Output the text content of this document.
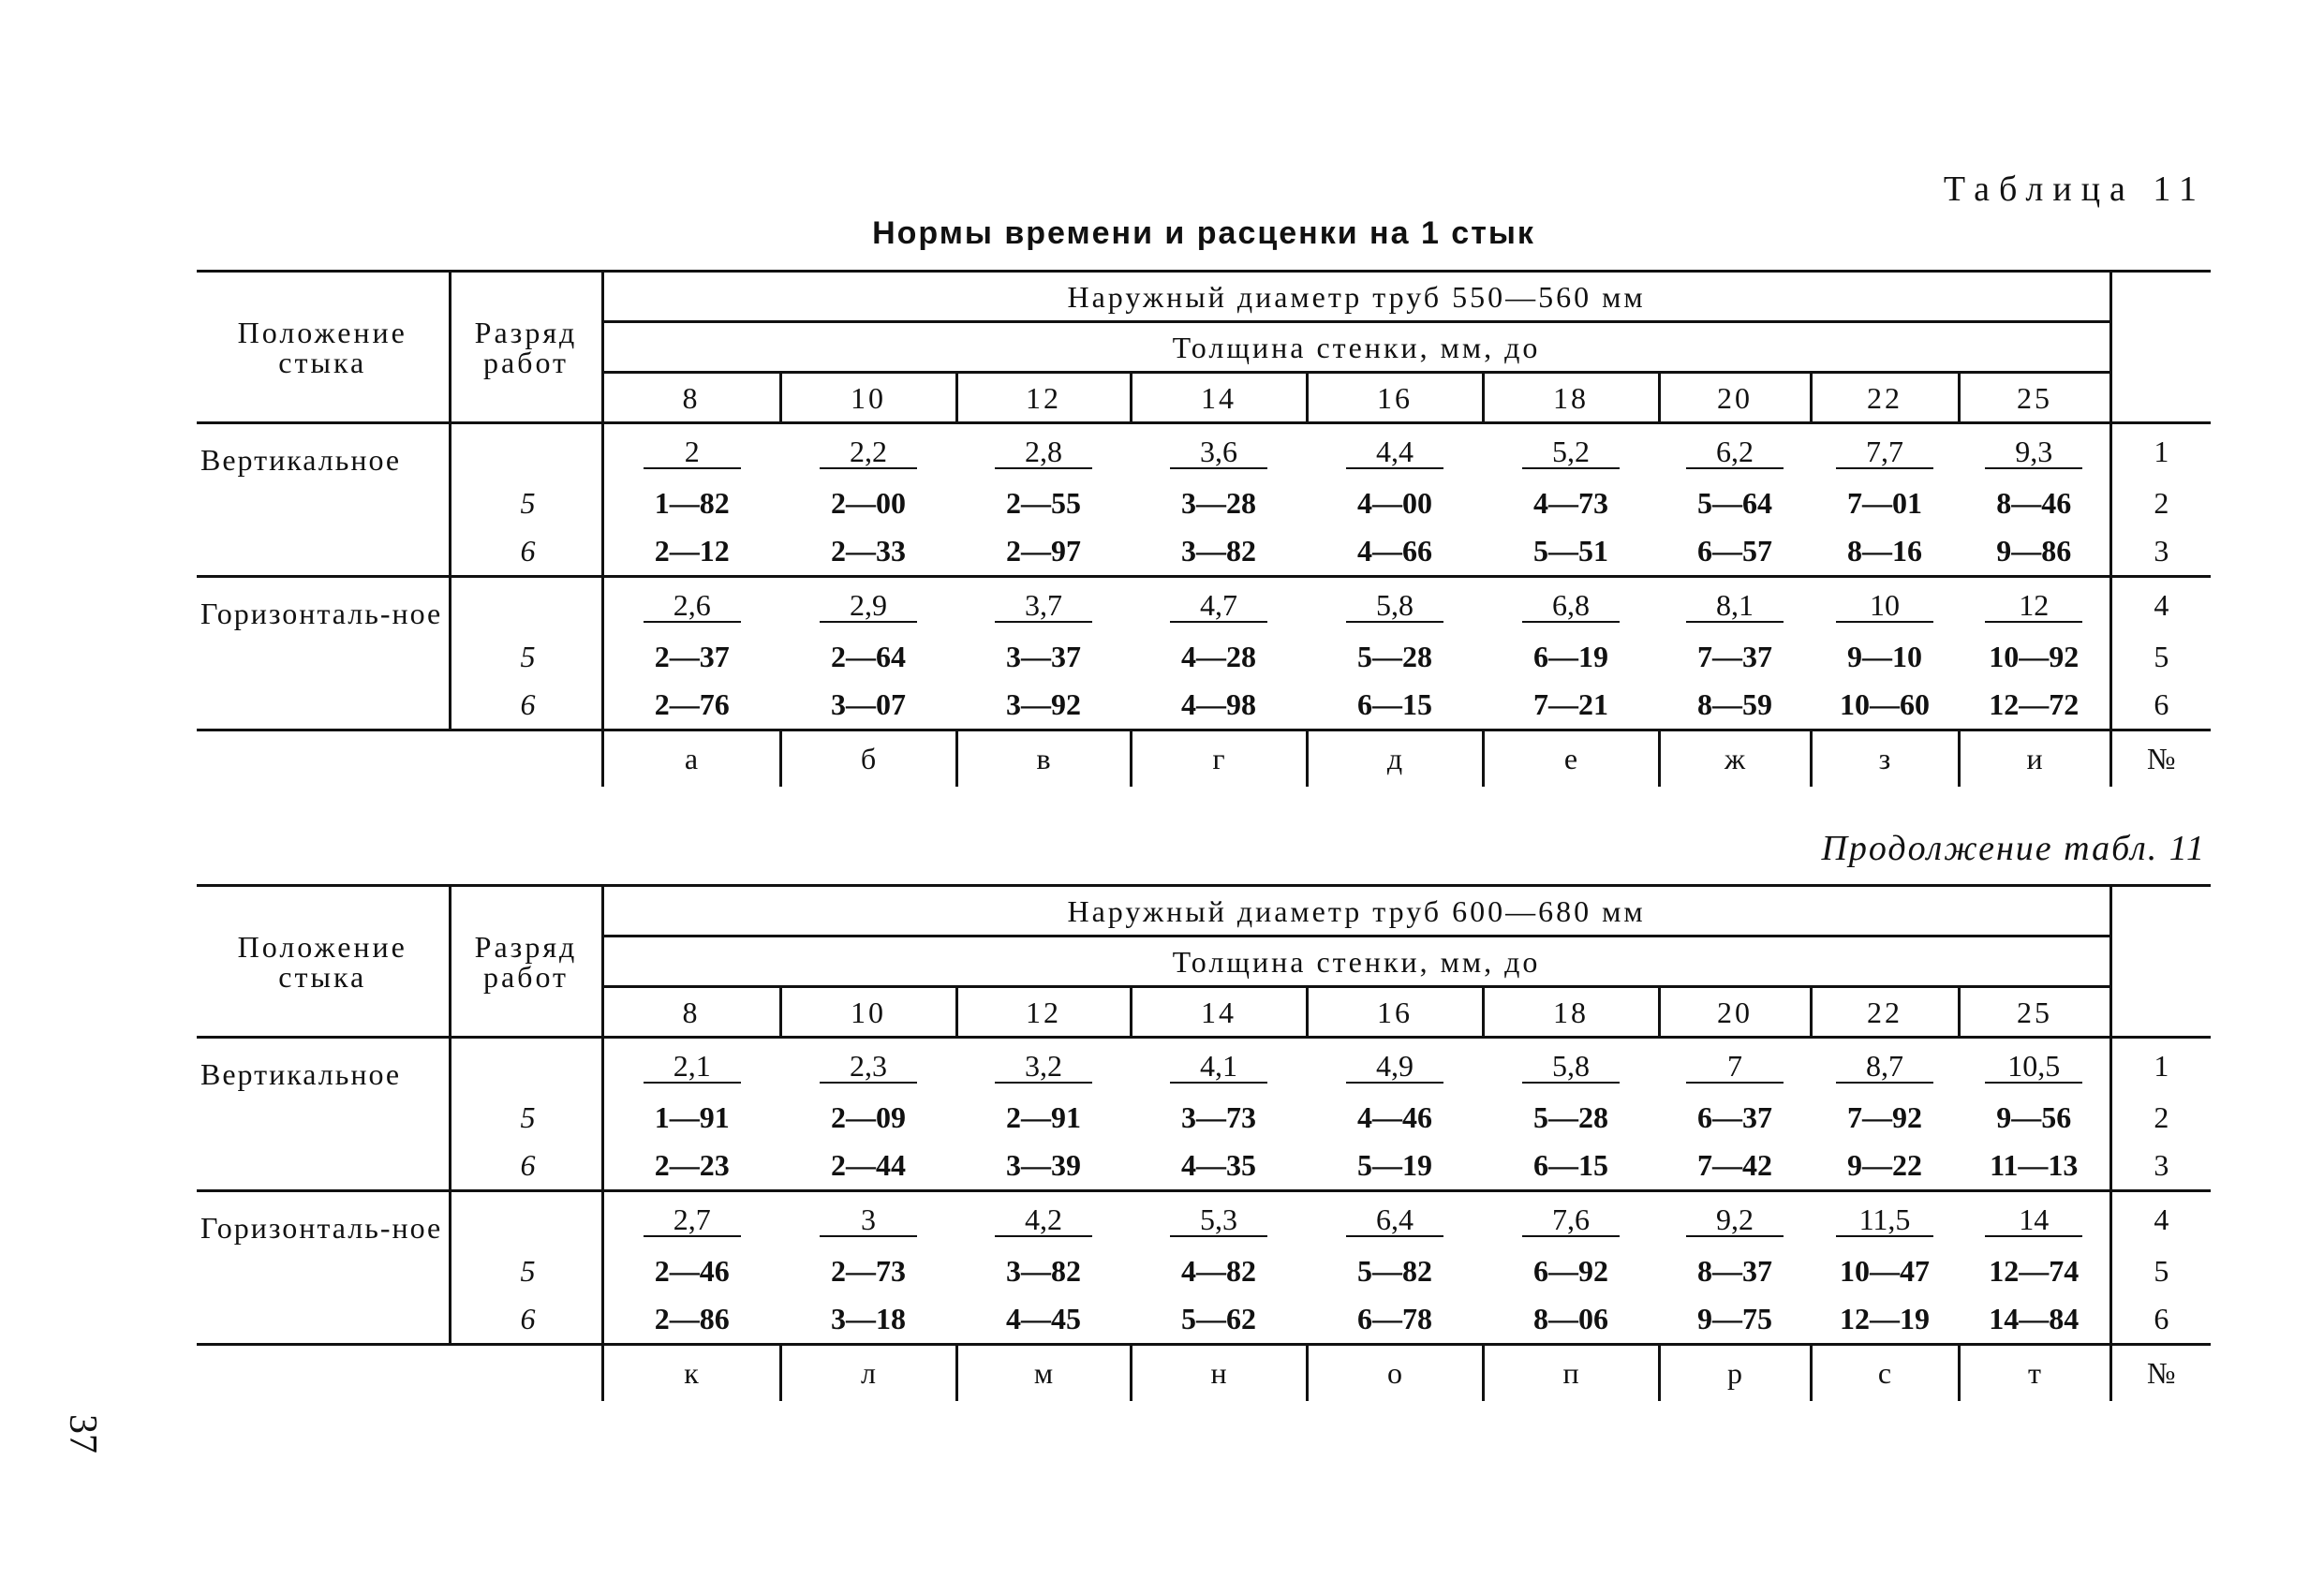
Таблица 11
Нормы времени и расценки на 1 стык
Продолжение табл. 11
37
Положение стыка	Разряд работ	Наружный диаметр труб 550—560 мм									
		Толщина стенки, мм, до									
		8	10	12	14	16	18	20	22	25	
Вертикальное		2	2,2	2,8	3,6	4,4	5,2	6,2	7,7	9,3	1
	5	1—82	2—00	2—55	3—28	4—00	4—73	5—64	7—01	8—46	2
	6	2—12	2—33	2—97	3—82	4—66	5—51	6—57	8—16	9—86	3
Горизонталь-ное		2,6	2,9	3,7	4,7	5,8	6,8	8,1	10	12	4
	5	2—37	2—64	3—37	4—28	5—28	6—19	7—37	9—10	10—92	5
	6	2—76	3—07	3—92	4—98	6—15	7—21	8—59	10—60	12—72	6
		а	б	в	г	д	е	ж	з	и	№
Положение стыка	Разряд работ	Наружный диаметр труб 600—680 мм									
		Толщина стенки, мм, до									
		8	10	12	14	16	18	20	22	25	
Вертикальное		2,1	2,3	3,2	4,1	4,9	5,8	7	8,7	10,5	1
	5	1—91	2—09	2—91	3—73	4—46	5—28	6—37	7—92	9—56	2
	6	2—23	2—44	3—39	4—35	5—19	6—15	7—42	9—22	11—13	3
Горизонталь-ное		2,7	3	4,2	5,3	6,4	7,6	9,2	11,5	14	4
	5	2—46	2—73	3—82	4—82	5—82	6—92	8—37	10—47	12—74	5
	6	2—86	3—18	4—45	5—62	6—78	8—06	9—75	12—19	14—84	6
		к	л	м	н	о	п	р	с	т	№
